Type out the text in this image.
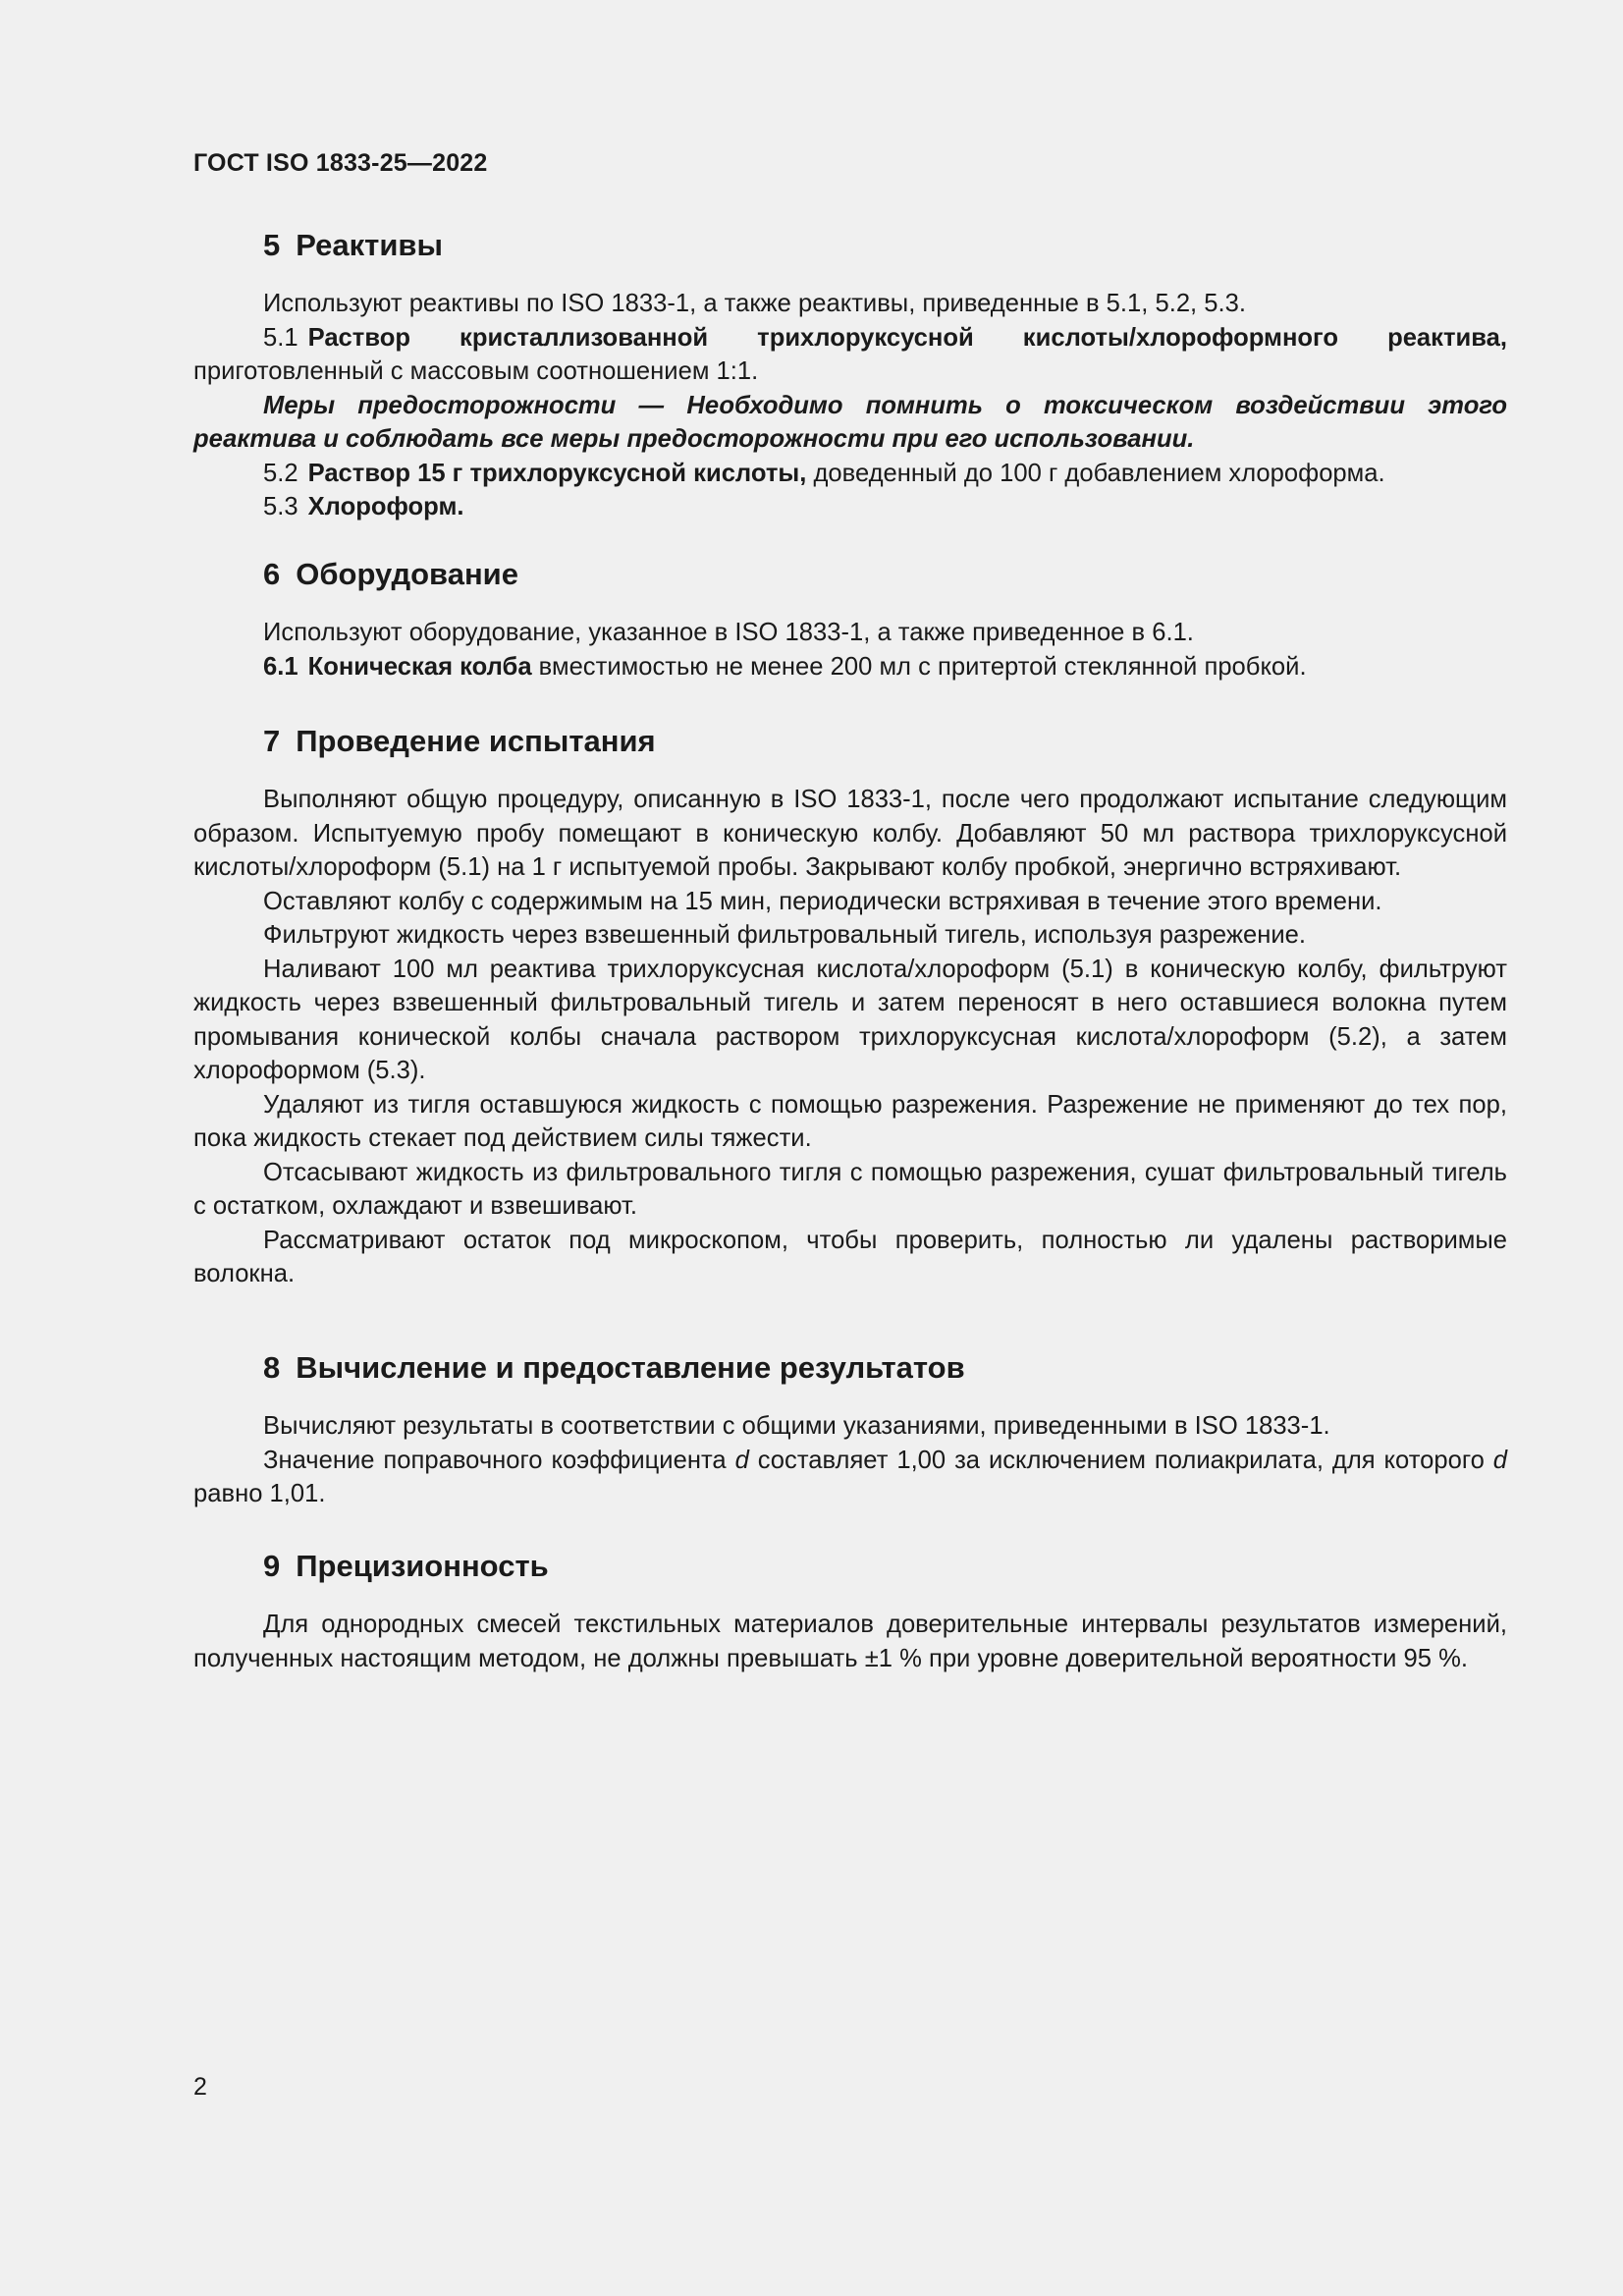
ГОСТ ISO 1833-25—2022
5 Реактивы

Используют реактивы по ISO 1833-1, а также реактивы, приведенные в 5.1, 5.2, 5.3.

5.1 Раствор кристаллизованной трихлоруксусной кислоты/хлороформного реактива, приготовленный с массовым соотношением 1:1.

Меры предосторожности — Необходимо помнить о токсическом воздействии этого реактива и соблюдать все меры предосторожности при его использовании.

5.2 Раствор 15 г трихлоруксусной кислоты, доведенный до 100 г добавлением хлороформа.

5.3 Хлороформ.

6 Оборудование

Используют оборудование, указанное в ISO 1833-1, а также приведенное в 6.1.

6.1 Коническая колба вместимостью не менее 200 мл с притертой стеклянной пробкой.

7 Проведение испытания

Выполняют общую процедуру, описанную в ISO 1833-1, после чего продолжают испытание следующим образом. Испытуемую пробу помещают в коническую колбу. Добавляют 50 мл раствора трихлоруксусной кислоты/хлороформ (5.1) на 1 г испытуемой пробы. Закрывают колбу пробкой, энергично встряхивают.

Оставляют колбу с содержимым на 15 мин, периодически встряхивая в течение этого времени.

Фильтруют жидкость через взвешенный фильтровальный тигель, используя разрежение.

Наливают 100 мл реактива трихлоруксусная кислота/хлороформ (5.1) в коническую колбу, фильтруют жидкость через взвешенный фильтровальный тигель и затем переносят в него оставшиеся волокна путем промывания конической колбы сначала раствором трихлоруксусная кислота/хлороформ (5.2), а затем хлороформом (5.3).

Удаляют из тигля оставшуюся жидкость с помощью разрежения. Разрежение не применяют до тех пор, пока жидкость стекает под действием силы тяжести.

Отсасывают жидкость из фильтровального тигля с помощью разрежения, сушат фильтровальный тигель с остатком, охлаждают и взвешивают.

Рассматривают остаток под микроскопом, чтобы проверить, полностью ли удалены растворимые волокна.

8 Вычисление и предоставление результатов

Вычисляют результаты в соответствии с общими указаниями, приведенными в ISO 1833-1.

Значение поправочного коэффициента d составляет 1,00 за исключением полиакрилата, для которого d равно 1,01.

9 Прецизионность

Для однородных смесей текстильных материалов доверительные интервалы результатов измерений, полученных настоящим методом, не должны превышать ±1 % при уровне доверительной вероятности 95 %.

2
